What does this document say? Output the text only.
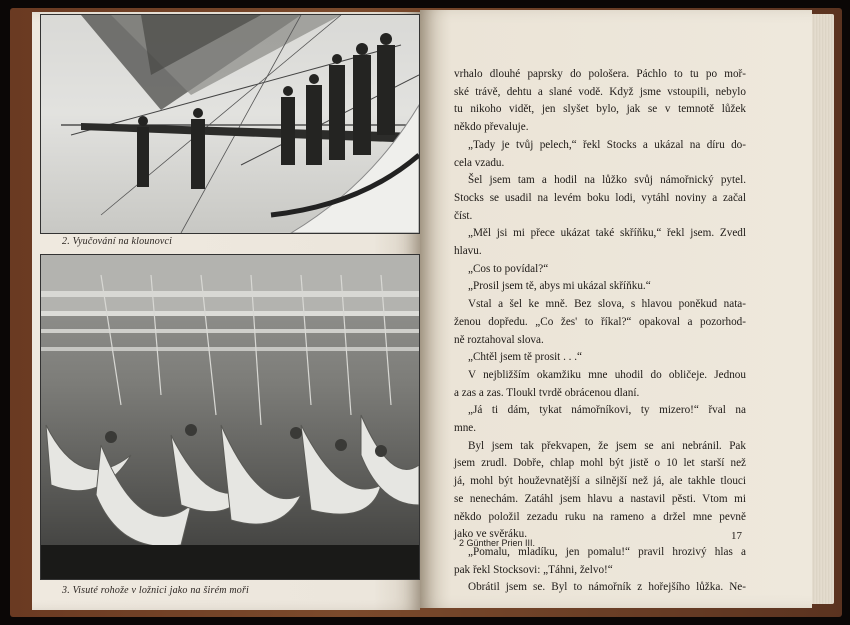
2. Vyučování na klounovci
3. Visuté rohože v ložnici jako na širém moři
vrhalo dlouhé paprsky do pološera. Páchlo to tu po moř-
ské trávě, dehtu a slané vodě. Když jsme vstoupili, nebylo
tu nikoho vidět, jen slyšet bylo, jak se v temnotě lůžek
někdo převaluje.
„Tady je tvůj pelech,“ řekl Stocks a ukázal na díru do-
cela vzadu.
Šel jsem tam a hodil na lůžko svůj námořnický pytel.
Stocks se usadil na levém boku lodi, vytáhl noviny a začal
číst.
„Měl jsi mi přece ukázat také skříňku,“ řekl jsem. Zvedl
hlavu.
„Cos to povídal?“
„Prosil jsem tě, abys mi ukázal skříňku.“
Vstal a šel ke mně. Bez slova, s hlavou poněkud nata-
ženou dopředu. „Co žes' to říkal?“ opakoval a pozorhod-
ně roztahoval slova.
„Chtěl jsem tě prosit . . .“
V nejbližším okamžiku mne uhodil do obličeje. Jednou
a zas a zas. Tloukl tvrdě obrácenou dlaní.
„Já ti dám, tykat námořníkovi, ty mizero!“ řval na
mne.
Byl jsem tak překvapen, že jsem se ani nebránil. Pak
jsem zrudl. Dobře, chlap mohl být jistě o 10 let starší než
já, mohl být houževnatější a silnější než já, ale takhle tlouci
se nenechám. Zatáhl jsem hlavu a nastavil pěsti. Vtom mi
někdo položil zezadu ruku na rameno a držel mne pevně
jako ve svěráku.
„Pomalu, mladíku, jen pomalu!“ pravil hrozivý hlas a
pak řekl Stocksovi: „Táhni, želvo!“
Obrátil jsem se. Byl to námořník z hořejšího lůžka. Ne-
2 Günther Prien III.
17
